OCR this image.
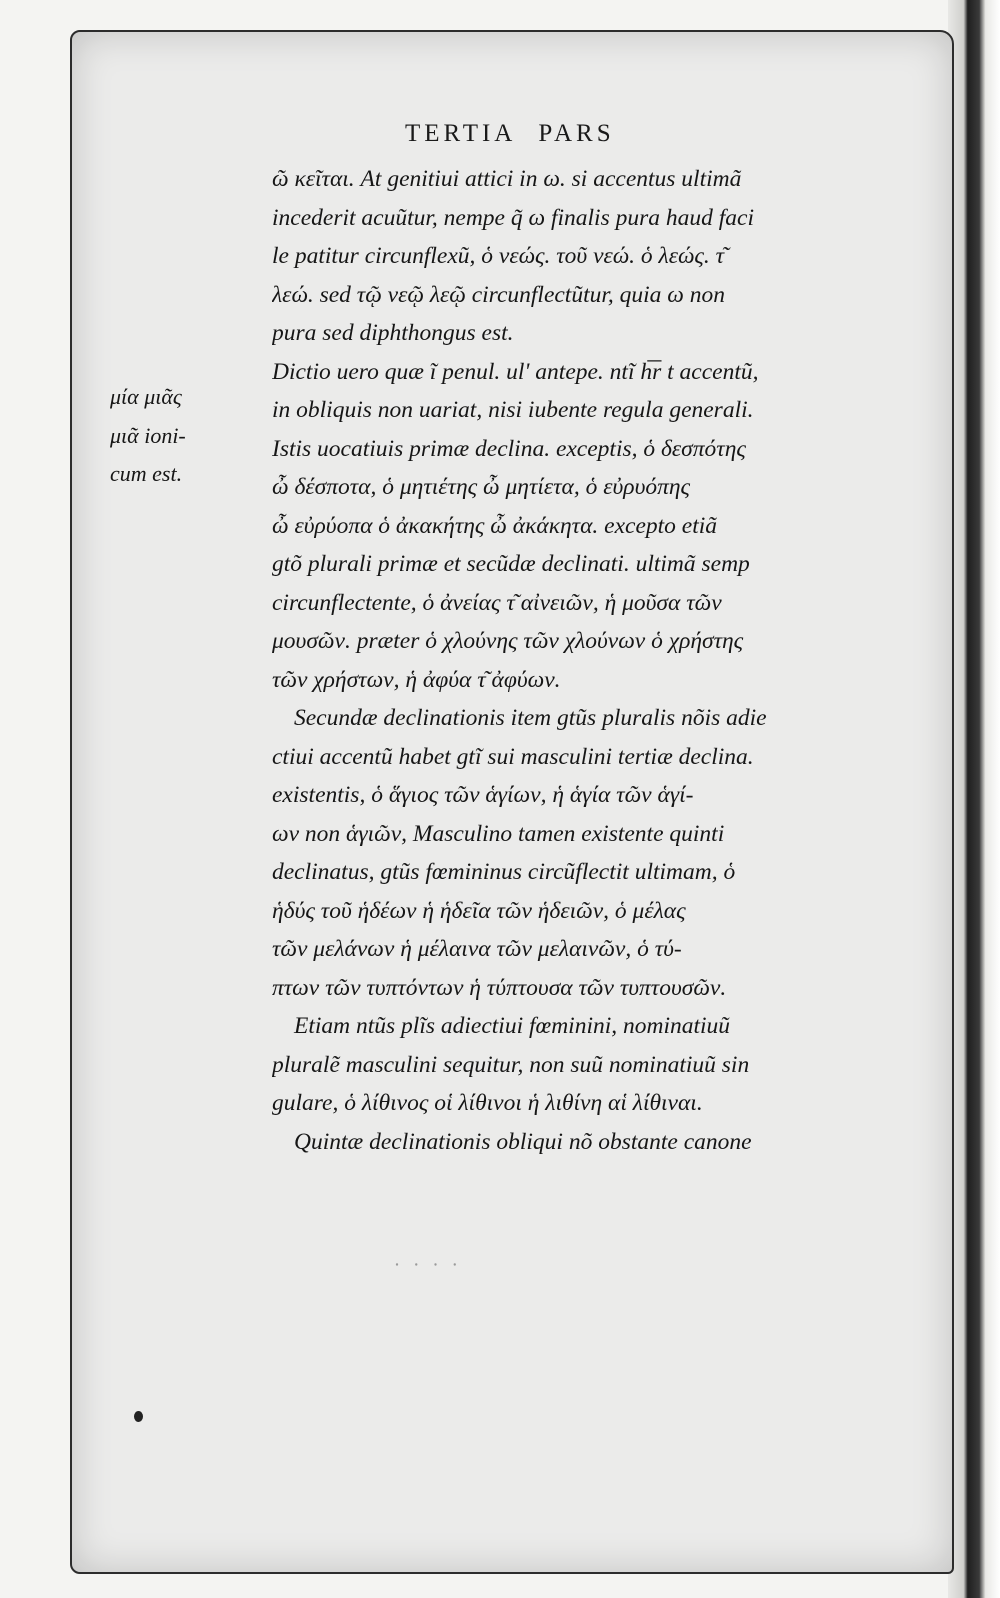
TERTIA PARS
μία μιᾶς
μιᾶ ioni-
cum est.
ῶ κεῖται. At genitiui attici in ω. si accentus ultimã
incederit acuũtur, nempe q̃ ω finalis pura haud faci
le patitur circunflexũ, ὁ νεώς. τοῦ νεώ. ὁ λεώς. τ͂
λεώ. sed τῷ νεῷ λεῷ circunflectũtur, quia ω non
pura sed diphthongus est.
Dictio uero quæ ĩ penul. ul' antepe. ntĩ h͞r t accentũ,
in obliquis non uariat, nisi iubente regula generali.
Istis uocatiuis primæ declina. exceptis, ὁ δεσπότης
ὦ δέσποτα, ὁ μητιέτης ὦ μητίετα, ὁ εὐρυόπης
ὦ εὐρύοπα ὁ ἀκακήτης ὦ ἀκάκητα. excepto etiã
gtõ plurali primæ et secũdæ declinati. ultimã semp
circunflectente, ὁ ἀνείας τ͂ αἰνειῶν, ἡ μοῦσα τῶν
μουσῶν. præter ὁ χλούνης τῶν χλούνων ὁ χρήστης
τῶν χρήστων, ἡ ἀφύα τ͂ ἀφύων.
Secundæ declinationis item gtũs pluralis nõis adie
ctiui accentũ habet gtĩ sui masculini tertiæ declina.
existentis, ὁ ἅγιος τῶν ἁγίων, ἡ ἁγία τῶν ἁγί-
ων non ἁγιῶν, Masculino tamen existente quinti
declinatus, gtũs fœmininus circũflectit ultimam, ὁ
ἡδύς τοῦ ἡδέων ἡ ἡδεῖα τῶν ἡδειῶν, ὁ μέλας
τῶν μελάνων ἡ μέλαινα τῶν μελαινῶν, ὁ τύ-
πτων τῶν τυπτόντων ἡ τύπτουσα τῶν τυπτουσῶν.
Etiam ntũs plĩs adiectiui fœminini, nominatiuũ
pluralẽ masculini sequitur, non suũ nominatiuũ sin
gulare, ὁ λίθινος οἱ λίθινοι ἡ λιθίνη αἱ λίθιναι.
Quintæ declinationis obliqui nõ obstante canone
ꞏ ꞏ ꞏ ꞏ
